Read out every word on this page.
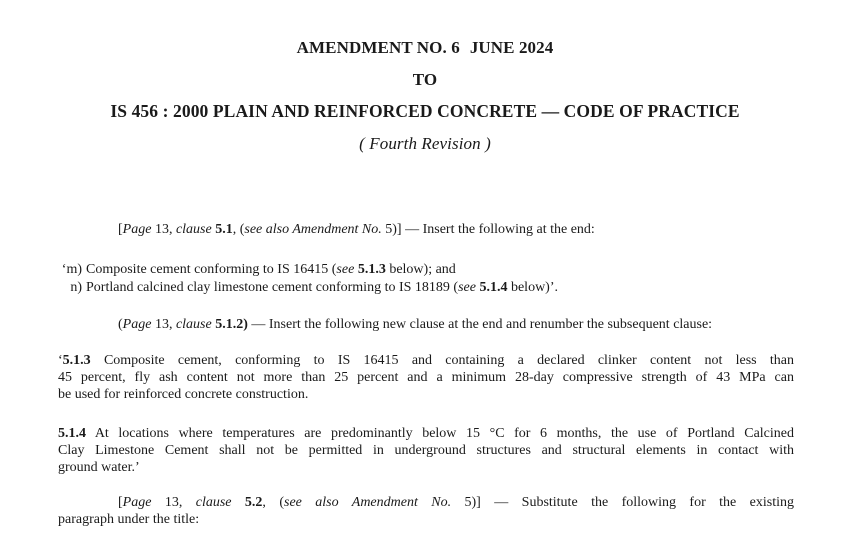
AMENDMENT NO. 6 JUNE 2024
TO
IS 456 : 2000 PLAIN AND REINFORCED CONCRETE — CODE OF PRACTICE
( Fourth Revision )
[Page 13, clause 5.1, (see also Amendment No. 5)] — Insert the following at the end:
‘m) Composite cement conforming to IS 16415 (see 5.1.3 below); and
n) Portland calcined clay limestone cement conforming to IS 18189 (see 5.1.4 below)’.
(Page 13, clause 5.1.2) — Insert the following new clause at the end and renumber the subsequent clause:
‘5.1.3 Composite cement, conforming to IS 16415 and containing a declared clinker content not less than
45 percent, fly ash content not more than 25 percent and a minimum 28-day compressive strength of 43 MPa can
be used for reinforced concrete construction.
5.1.4 At locations where temperatures are predominantly below 15 °C for 6 months, the use of Portland Calcined
Clay Limestone Cement shall not be permitted in underground structures and structural elements in contact with
ground water.’
[Page 13, clause 5.2, (see also Amendment No. 5)] — Substitute the following for the existing
paragraph under the title:
